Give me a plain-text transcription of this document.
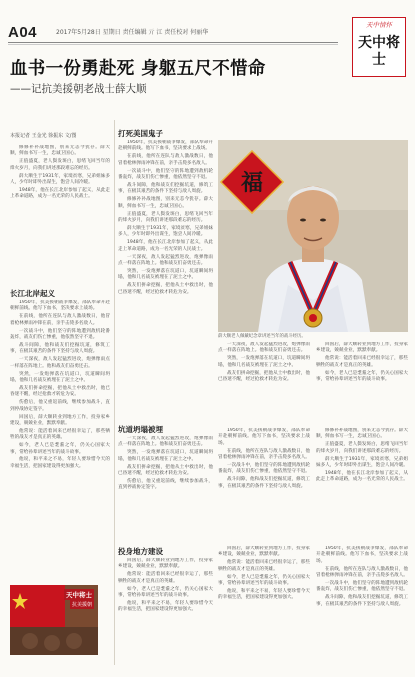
A04	2017年5月28日 星期日 责任编辑 亓 江 责任校对 何丽华
天中情怀
天中将士
血书一份勇赴死 身躯五尺不惜命
——记抗美援朝老战士薛大顺
本报记者 王金光 徐振东 文/图

修修补补战地图，别来无恙今犹存。薛大顺，鲜血书写一生，忠诚卫国心。

正值盛夏，老人鬓发斑白，思绪飞回当年的烽火岁月，向我们讲述那段难忘的经历。

薛大顺生于1931年，家境贫寒，兄弟姐妹多人，少年时即外出谋生，饱尝人间冷暖。

1948年，他在长江北岸参加了起义，从此走上革命道路，成为一名光荣的人民战士。

长江北岸起义

1950年，抗美援朝战争爆发，部队奉命开赴朝鲜前线。他写下血书，坚决要求上战场。

在前线，他所在连队与敌人激战数日，他冒着枪林弹雨冲锋在前，亲手击毙多名敌人。

一次战斗中，他们坚守的阵地遭到敌机轮番轰炸，战友们伤亡惨重，他依然坚守不退。

战斗间隙，他和战友们挖掘坑道，修筑工事，在极其艰苦的条件下坚持与敌人周旋。

一天深夜，敌人发起猛烈进攻，炮弹像雨点一样落在阵地上。他和战友们奋勇还击。

突然，一发炮弹落在坑道口，坑道瞬间坍塌，他和几名战友被埋在了泥土之中。

战友们拼命挖掘，把他从土中救出时，他已昏迷不醒，经过抢救才转危为安。

伤愈后，他又重返前线，继续参加战斗，直到停战协定签字。

回国后，薛大顺转业到地方工作，投身家乡建设，兢兢业业，默默奉献。

他常说：能活着回来已经很幸运了，那些牺牲的战友才是真正的英雄。

如今，老人已是耄耋之年，仍关心国家大事，常给孙辈讲述当年的战斗故事。

他说，和平来之不易，年轻人要珍惜今天的幸福生活，把国家建设得更加强大。

打死美国鬼子

1950年，抗美援朝战争爆发，部队奉命开赴朝鲜前线。他写下血书，坚决要求上战场。

在前线，他所在连队与敌人激战数日，他冒着枪林弹雨冲锋在前，亲手击毙多名敌人。

一次战斗中，他们坚守的阵地遭到敌机轮番轰炸，战友们伤亡惨重，他依然坚守不退。

战斗间隙，他和战友们挖掘坑道，修筑工事，在极其艰苦的条件下坚持与敌人周旋。

修修补补战地图，别来无恙今犹存。薛大顺，鲜血书写一生，忠诚卫国心。

正值盛夏，老人鬓发斑白，思绪飞回当年的烽火岁月，向我们讲述那段难忘的经历。

薛大顺生于1931年，家境贫寒，兄弟姐妹多人，少年时即外出谋生，饱尝人间冷暖。

1948年，他在长江北岸参加了起义，从此走上革命道路，成为一名光荣的人民战士。

一天深夜，敌人发起猛烈进攻，炮弹像雨点一样落在阵地上。他和战友们奋勇还击。

突然，一发炮弹落在坑道口，坑道瞬间坍塌，他和几名战友被埋在了泥土之中。

战友们拼命挖掘，把他从土中救出时，他已昏迷不醒，经过抢救才转危为安。

福
薛大顺老人佩戴纪念章讲述当年的战斗经历。

一天深夜，敌人发起猛烈进攻，炮弹像雨点一样落在阵地上。他和战友们奋勇还击。

突然，一发炮弹落在坑道口，坑道瞬间坍塌，他和几名战友被埋在了泥土之中。

战友们拼命挖掘，把他从土中救出时，他已昏迷不醒，经过抢救才转危为安。

回国后，薛大顺转业到地方工作，投身家乡建设，兢兢业业，默默奉献。

他常说：能活着回来已经很幸运了，那些牺牲的战友才是真正的英雄。

如今，老人已是耄耋之年，仍关心国家大事，常给孙辈讲述当年的战斗故事。

坑道坍塌被埋

一天深夜，敌人发起猛烈进攻，炮弹像雨点一样落在阵地上。他和战友们奋勇还击。

突然，一发炮弹落在坑道口，坑道瞬间坍塌，他和几名战友被埋在了泥土之中。

战友们拼命挖掘，把他从土中救出时，他已昏迷不醒，经过抢救才转危为安。

伤愈后，他又重返前线，继续参加战斗，直到停战协定签字。

1950年，抗美援朝战争爆发，部队奉命开赴朝鲜前线。他写下血书，坚决要求上战场。

在前线，他所在连队与敌人激战数日，他冒着枪林弹雨冲锋在前，亲手击毙多名敌人。

一次战斗中，他们坚守的阵地遭到敌机轮番轰炸，战友们伤亡惨重，他依然坚守不退。

战斗间隙，他和战友们挖掘坑道，修筑工事，在极其艰苦的条件下坚持与敌人周旋。

修修补补战地图，别来无恙今犹存。薛大顺，鲜血书写一生，忠诚卫国心。

正值盛夏，老人鬓发斑白，思绪飞回当年的烽火岁月，向我们讲述那段难忘的经历。

薛大顺生于1931年，家境贫寒，兄弟姐妹多人，少年时即外出谋生，饱尝人间冷暖。

1948年，他在长江北岸参加了起义，从此走上革命道路，成为一名光荣的人民战士。

投身地方建设

回国后，薛大顺转业到地方工作，投身家乡建设，兢兢业业，默默奉献。

他常说：能活着回来已经很幸运了，那些牺牲的战友才是真正的英雄。

如今，老人已是耄耋之年，仍关心国家大事，常给孙辈讲述当年的战斗故事。

他说，和平来之不易，年轻人要珍惜今天的幸福生活，把国家建设得更加强大。

回国后，薛大顺转业到地方工作，投身家乡建设，兢兢业业，默默奉献。

他常说：能活着回来已经很幸运了，那些牺牲的战友才是真正的英雄。

如今，老人已是耄耋之年，仍关心国家大事，常给孙辈讲述当年的战斗故事。

他说，和平来之不易，年轻人要珍惜今天的幸福生活，把国家建设得更加强大。

1950年，抗美援朝战争爆发，部队奉命开赴朝鲜前线。他写下血书，坚决要求上战场。

在前线，他所在连队与敌人激战数日，他冒着枪林弹雨冲锋在前，亲手击毙多名敌人。

一次战斗中，他们坚守的阵地遭到敌机轮番轰炸，战友们伤亡惨重，他依然坚守不退。

战斗间隙，他和战友们挖掘坑道，修筑工事，在极其艰苦的条件下坚持与敌人周旋。

天中将士
抗美援朝
